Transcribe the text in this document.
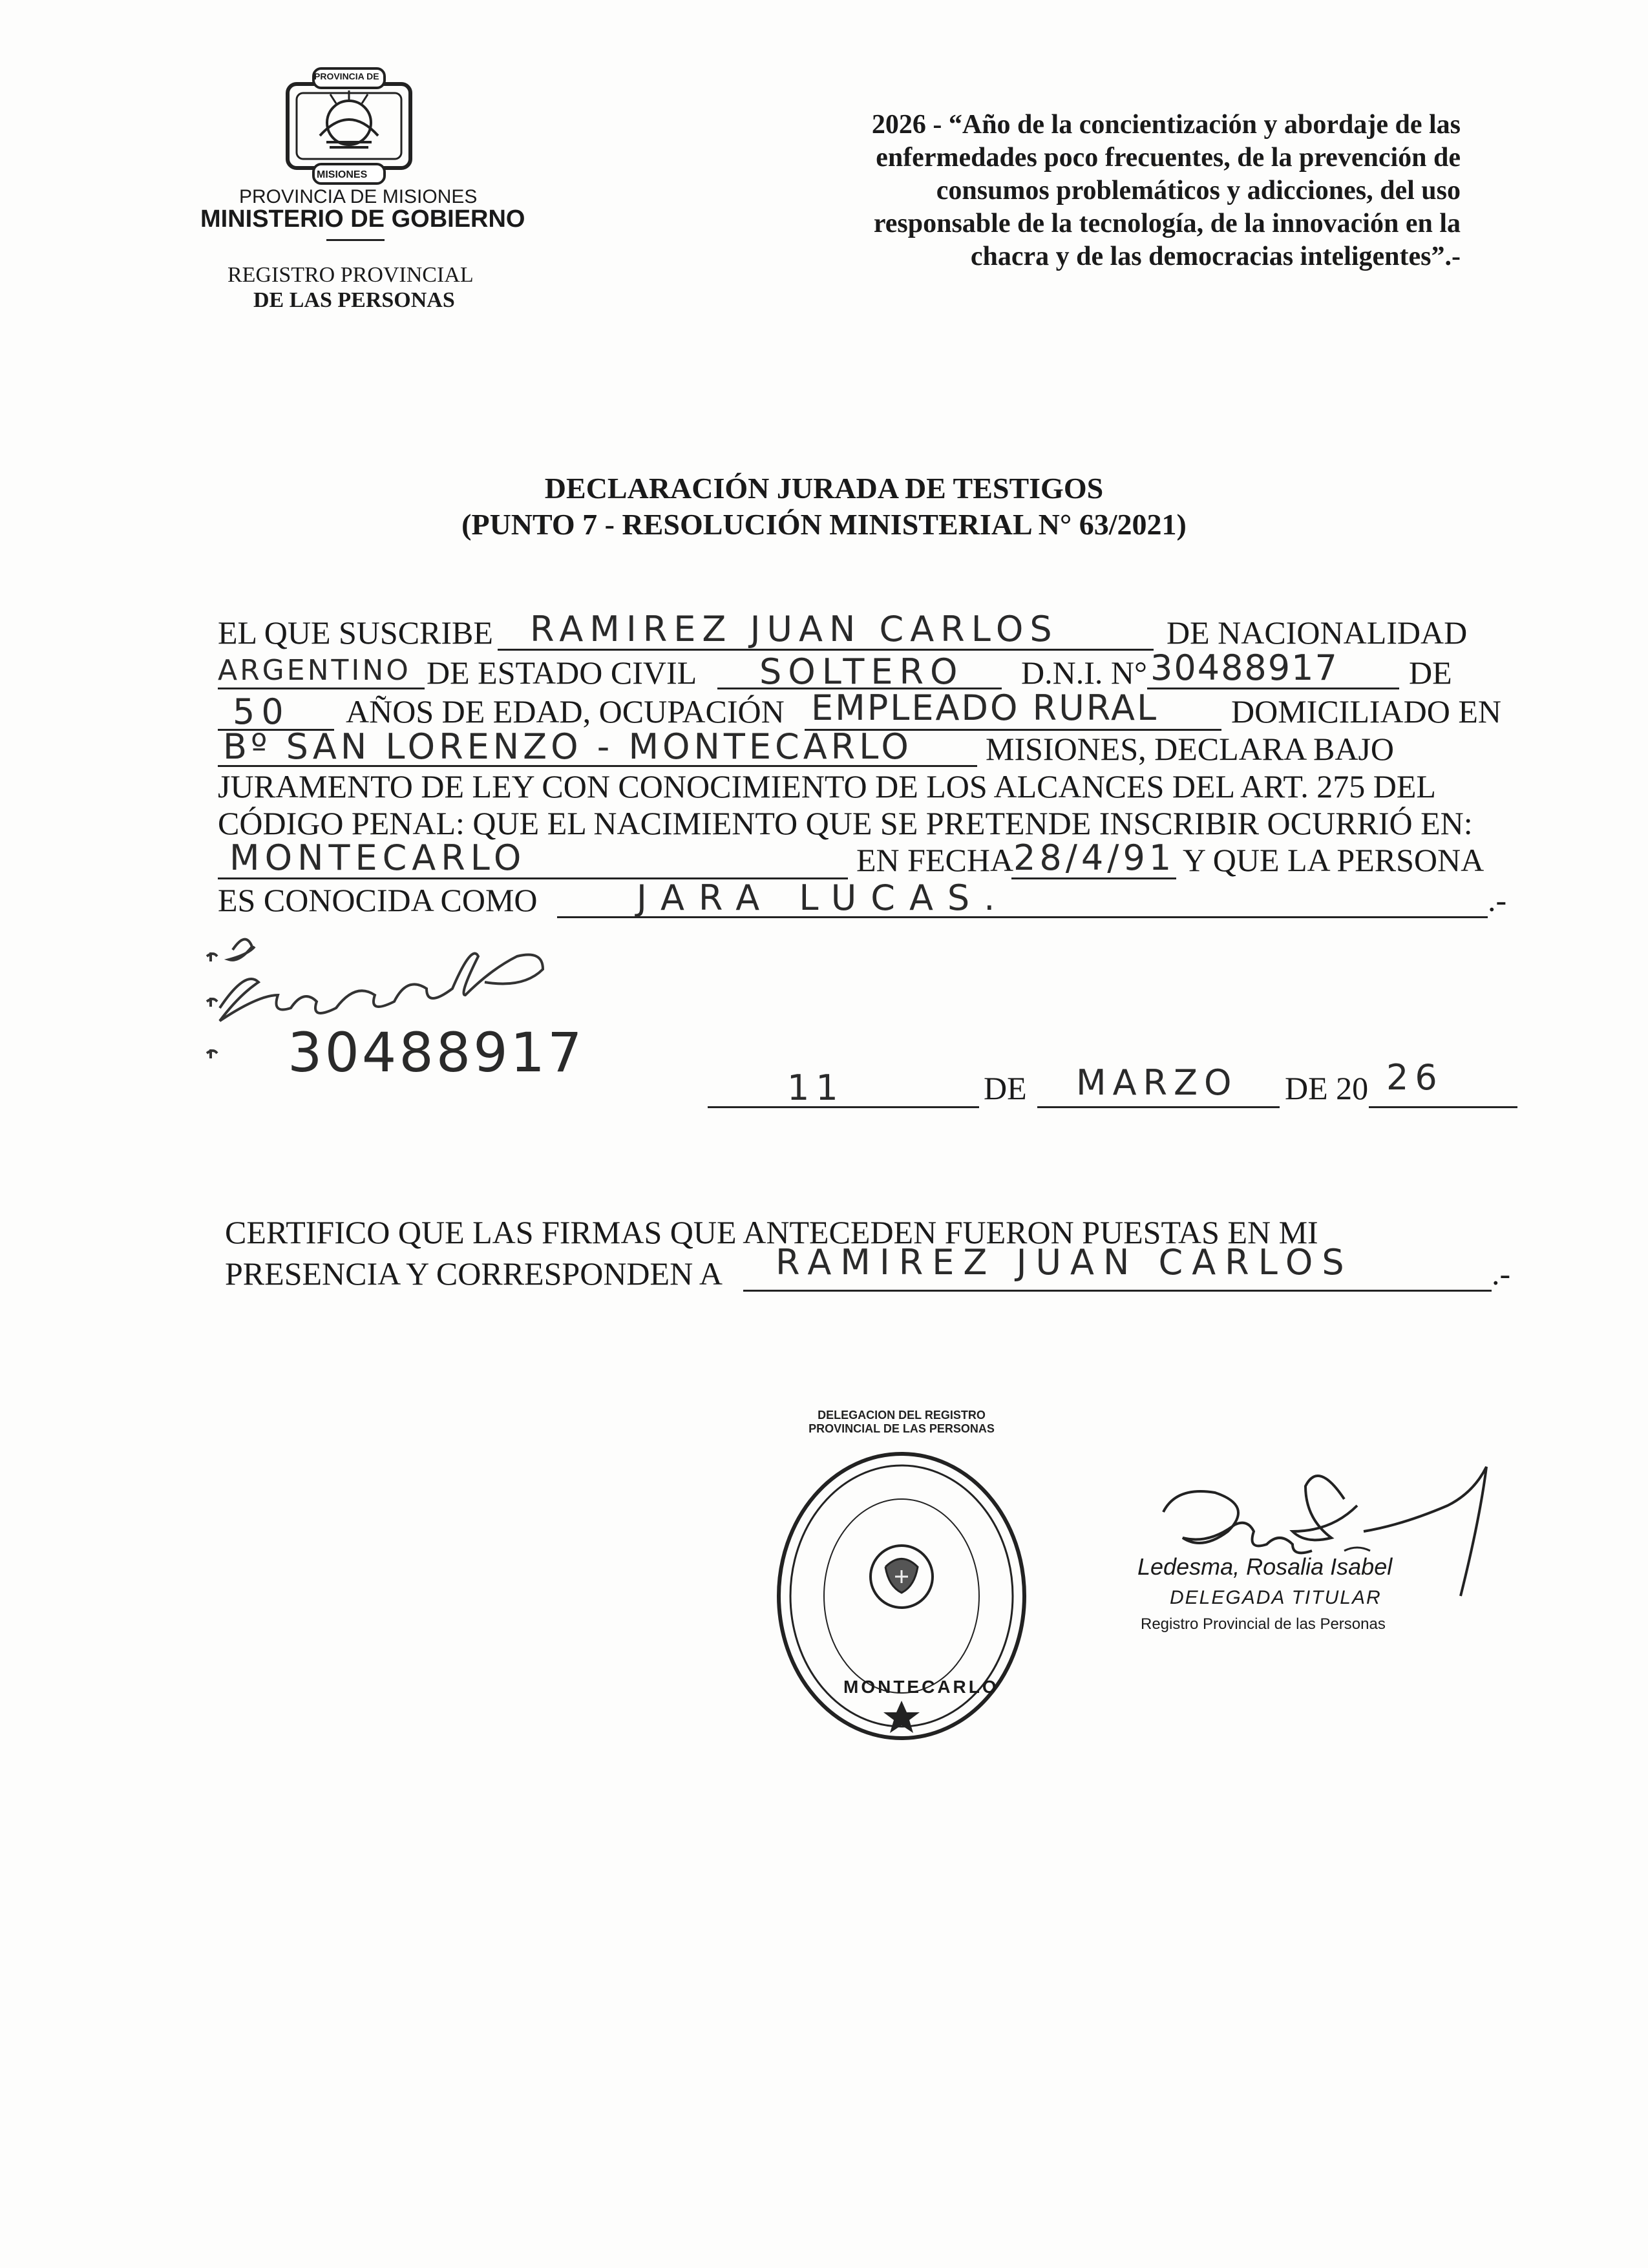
PROVINCIA DE
MISIONES
PROVINCIA DE MISIONES
MINISTERIO DE GOBIERNO
REGISTRO PROVINCIAL
DE LAS PERSONAS
2026 - “Año de la concientización y abordaje de las
enfermedades poco frecuentes, de la prevención de
consumos problemáticos y adicciones, del uso
responsable de la tecnología, de la innovación en la
chacra y de las democracias inteligentes”.-
DECLARACIÓN JURADA DE TESTIGOS
(PUNTO 7 - RESOLUCIÓN MINISTERIAL N° 63/2021)
EL QUE SUSCRIBE RAMIREZ JUAN CARLOS	DE NACIONALIDAD
ARGENTINO DE ESTADO CIVIL SOLTERO D.N.I. N° 30488917 DE
50 AÑOS DE EDAD, OCUPACIÓN EMPLEADO RURAL DOMICILIADO EN
Bº SAN LORENZO - MONTECARLO MISIONES, DECLARA BAJO
JURAMENTO DE LEY CON CONOCIMIENTO DE LOS ALCANCES DEL ART. 275 DEL
CÓDIGO PENAL: QUE EL NACIMIENTO QUE SE PRETENDE INSCRIBIR OCURRIÓ EN:
MONTECARLO	EN FECHA 28/4/91 Y QUE LA PERSONA
ES CONOCIDA COMO	JARA LUCAS.	.-
30488917
11	DE MARZO DE 20 26
CERTIFICO QUE LAS FIRMAS QUE ANTECEDEN FUERON PUESTAS EN MI
PRESENCIA Y CORRESPONDEN A RAMIREZ JUAN CARLOS	.-
DELEGACION DEL REGISTRO PROVINCIAL DE LAS PERSONAS
MONTECARLO
Ledesma, Rosalia Isabel
DELEGADA TITULAR
Registro Provincial de las Personas
